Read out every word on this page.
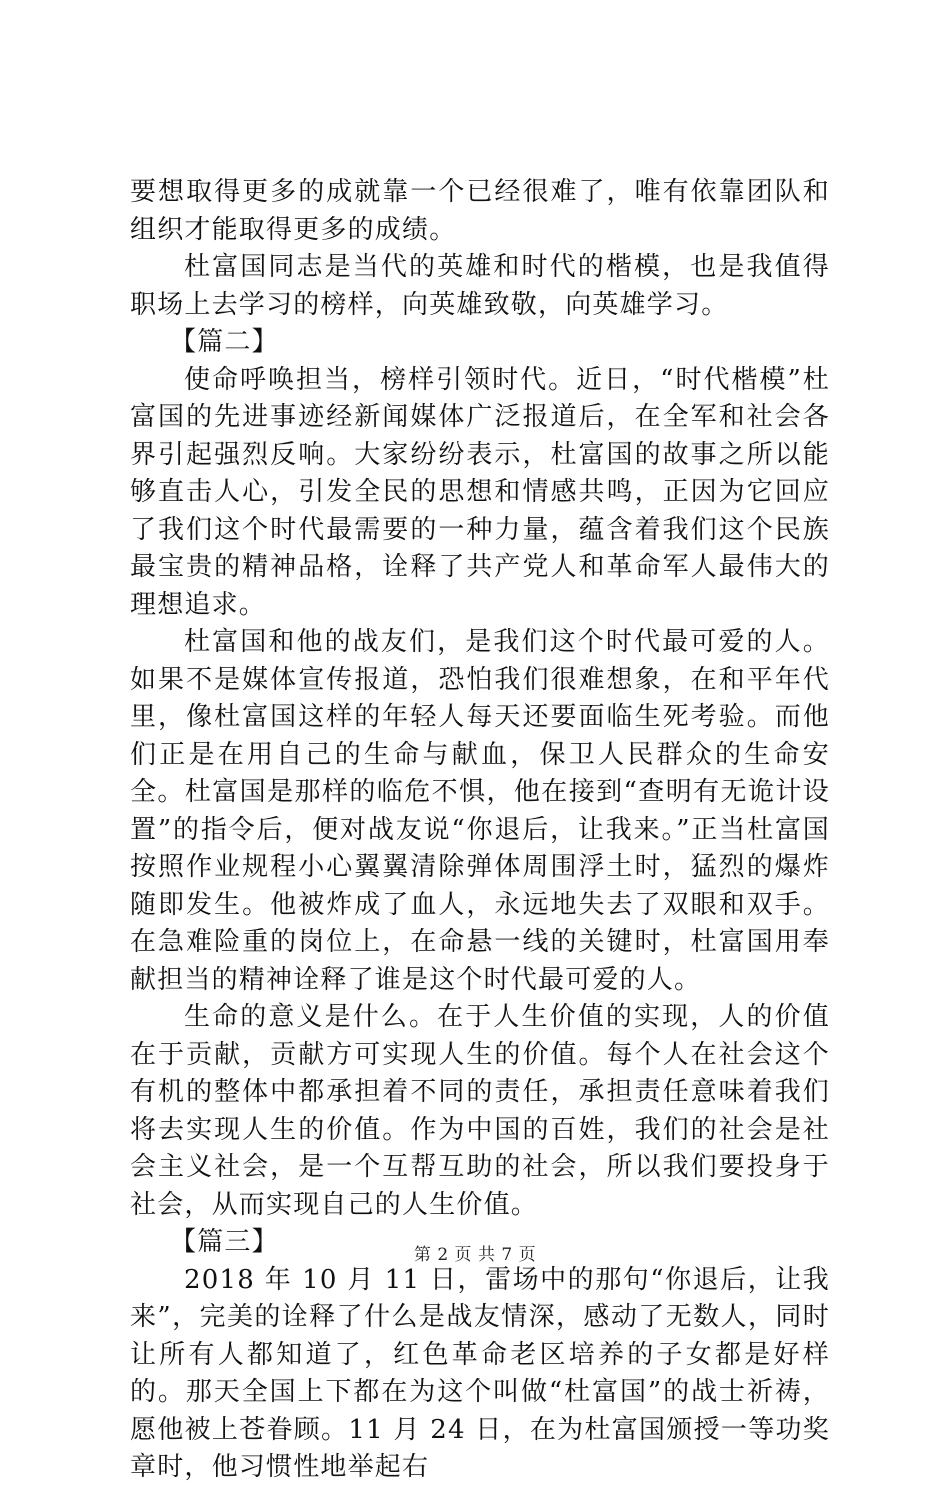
要想取得更多的成就靠一个已经很难了，唯有依靠团队和组织才能取得更多的成绩。

杜富国同志是当代的英雄和时代的楷模，也是我值得职场上去学习的榜样，向英雄致敬，向英雄学习。

【篇二】

使命呼唤担当，榜样引领时代。近日，“时代楷模”杜富国的先进事迹经新闻媒体广泛报道后，在全军和社会各界引起强烈反响。大家纷纷表示，杜富国的故事之所以能够直击人心，引发全民的思想和情感共鸣，正因为它回应了我们这个时代最需要的一种力量，蕴含着我们这个民族最宝贵的精神品格，诠释了共产党人和革命军人最伟大的理想追求。

杜富国和他的战友们，是我们这个时代最可爱的人。如果不是媒体宣传报道，恐怕我们很难想象，在和平年代里，像杜富国这样的年轻人每天还要面临生死考验。而他们正是在用自己的生命与献血，保卫人民群众的生命安全。杜富国是那样的临危不惧，他在接到“查明有无诡计设置”的指令后，便对战友说“你退后，让我来。”正当杜富国按照作业规程小心翼翼清除弹体周围浮土时，猛烈的爆炸随即发生。他被炸成了血人，永远地失去了双眼和双手。在急难险重的岗位上，在命悬一线的关键时，杜富国用奉献担当的精神诠释了谁是这个时代最可爱的人。

生命的意义是什么。在于人生价值的实现，人的价值在于贡献，贡献方可实现人生的价值。每个人在社会这个有机的整体中都承担着不同的责任，承担责任意味着我们将去实现人生的价值。作为中国的百姓，我们的社会是社会主义社会，是一个互帮互助的社会，所以我们要投身于社会，从而实现自己的人生价值。

【篇三】

2018 年 10 月 11 日，雷场中的那句“你退后，让我来”，完美的诠释了什么是战友情深，感动了无数人，同时让所有人都知道了，红色革命老区培养的子女都是好样的。那天全国上下都在为这个叫做“杜富国”的战士祈祷，愿他被上苍眷顾。11 月 24 日，在为杜富国颁授一等功奖章时，他习惯性地举起右

第 2 页 共 7 页
